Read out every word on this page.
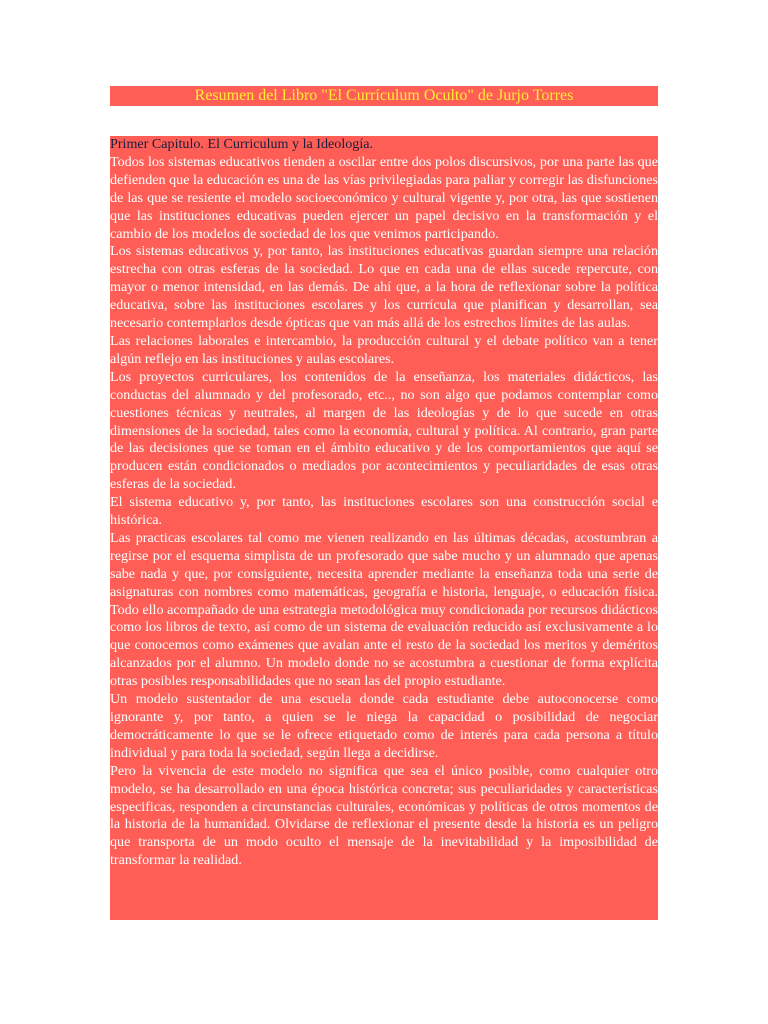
Resumen del Libro "El Currículum Oculto" de Jurjo Torres

Primer Capitulo. El Curriculum y la Ideología.

Todos los sistemas educativos tienden a oscilar entre dos polos discursivos, por una parte las que defienden que la educación es una de las vías privilegiadas para paliar y corregir las disfunciones de las que se resiente el modelo socioeconómico y cultural vigente y, por otra, las que sostienen que las instituciones educativas pueden ejercer un papel decisivo en la transformación y el cambio de los modelos de sociedad de los que venimos participando.

Los sistemas educativos y, por tanto, las instituciones educativas guardan siempre una relación estrecha con otras esferas de la sociedad. Lo que en cada una de ellas sucede repercute, con mayor o menor intensidad, en las demás. De ahí que, a la hora de reflexionar sobre la política educativa, sobre las instituciones escolares y los currícula que planifican y desarrollan, sea necesario contemplarlos desde ópticas que van más allá de los estrechos límites de las aulas.

Las relaciones laborales e intercambio, la producción cultural y el debate político van a tener algún reflejo en las instituciones y aulas escolares.

Los proyectos curriculares, los contenidos de la enseñanza, los materiales didácticos, las conductas del alumnado y del profesorado, etc.., no son algo que podamos contemplar como cuestiones técnicas y neutrales, al margen de las ideologías y de lo que sucede en otras dimensiones de la sociedad, tales como la economía, cultural y política. Al contrario, gran parte de las decisiones que se toman en el ámbito educativo y de los comportamientos que aquí se producen están condicionados o mediados por acontecimientos y peculiaridades de esas otras esferas de la sociedad.

El sistema educativo y, por tanto, las instituciones escolares son una construcción social e histórica.

Las practicas escolares tal como me vienen realizando en las últimas décadas, acostumbran a regirse por el esquema simplista de un profesorado que sabe mucho y un alumnado que apenas sabe nada y que, por consiguiente, necesita aprender mediante la enseñanza toda una serie de asignaturas con nombres como matemáticas, geografía e historia, lenguaje, o educación física. Todo ello acompañado de una estrategia metodológica muy condicionada por recursos didácticos como los libros de texto, así como de un sistema de evaluación reducido así exclusivamente a lo que conocemos como exámenes que avalan ante el resto de la sociedad los meritos y deméritos alcanzados por el alumno. Un modelo donde no se acostumbra a cuestionar de forma explícita otras posibles responsabilidades que no sean las del propio estudiante.

Un modelo sustentador de una escuela donde cada estudiante debe autoconocerse como ignorante y, por tanto, a quien se le niega la capacidad o posibilidad de negociar democráticamente lo que se le ofrece etiquetado como de interés para cada persona a título individual y para toda la sociedad, según llega a decidirse.

Pero la vivencia de este modelo no significa que sea el único posible, como cualquier otro modelo, se ha desarrollado en una época histórica concreta; sus peculiaridades y características especificas, responden a circunstancias culturales, económicas y políticas de otros momentos de la historia de la humanidad. Olvidarse de reflexionar el presente desde la historia es un peligro que transporta de un modo oculto el mensaje de la inevitabilidad y la imposibilidad de transformar la realidad.
